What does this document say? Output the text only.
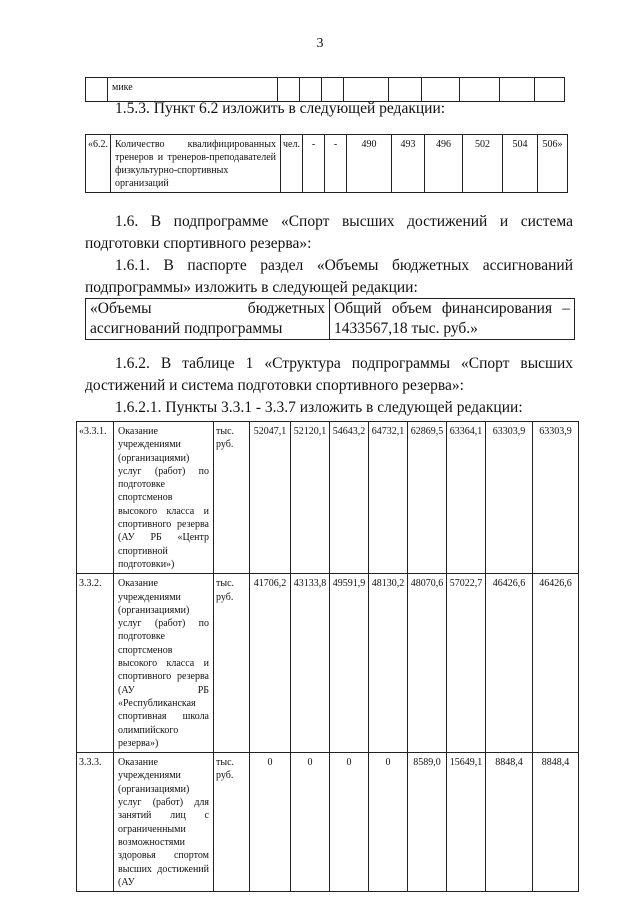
3
	мике									
1.5.3. Пункт 6.2 изложить в следующей редакции:
«6.2.	Количество квалифицированных тренеров и тренеров-преподавателей физкультурно-спортивных организаций	чел.	-	-	490	493	496	502	504	506»
1.6. В подпрограмме «Спорт высших достижений и система подготовки спортивного резерва»:
1.6.1. В паспорте раздел «Объемы бюджетных ассигнований подпрограммы» изложить в следующей редакции:
«Объемы бюджетных ассигнований подпрограммы	Общий объем финансирования – 1433567,18 тыс. руб.»
1.6.2. В таблице 1 «Структура подпрограммы «Спорт высших достижений и система подготовки спортивного резерва»:
1.6.2.1. Пункты 3.3.1 - 3.3.7 изложить в следующей редакции:
«3.3.1.	Оказание учреждениями (организациями) услуг (работ) по подготовке спортсменов высокого класса и спортивного резерва (АУ РБ «Центр спортивной подготовки»)	тыс. руб.	52047,1	52120,1	54643,2	64732,1	62869,5	63364,1	63303,9	63303,9
3.3.2.	Оказание учреждениями (организациями) услуг (работ) по подготовке спортсменов высокого класса и спортивного резерва (АУ РБ «Республиканская спортивная школа олимпийского резерва»)	тыс. руб.	41706,2	43133,8	49591,9	48130,2	48070,6	57022,7	46426,6	46426,6
3.3.3.	Оказание учреждениями (организациями) услуг (работ) для занятий лиц с ограниченными возможностями здоровья спортом высших достижений (АУ	тыс. руб.	0	0	0	0	8589,0	15649,1	8848,4	8848,4
